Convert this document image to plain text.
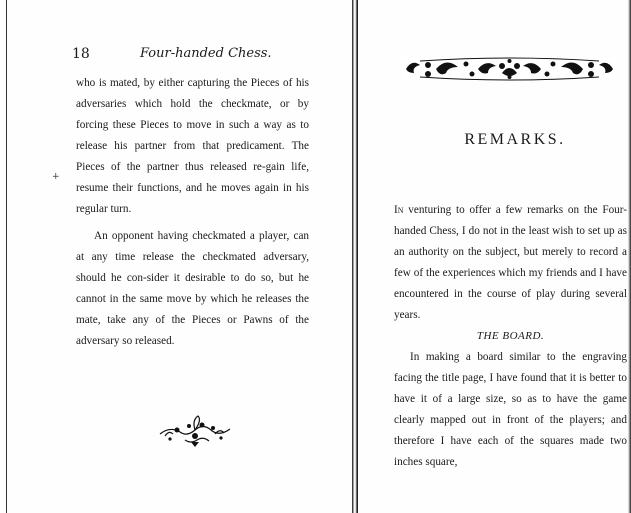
18	Four-handed Chess.
+

who is mated, by either capturing the Pieces of his adversaries which hold the checkmate, or by forcing these Pieces to move in such a way as to release his partner from that predicament. The Pieces of the partner thus released re-gain life, resume their functions, and he moves again in his regular turn.

An opponent having checkmated a player, can at any time release the checkmated adversary, should he con-sider it desirable to do so, but he cannot in the same move by which he releases the mate, take any of the Pieces or Pawns of the adversary so released.

REMARKS.

In venturing to offer a few remarks on the Four-handed Chess, I do not in the least wish to set up as an authority on the subject, but merely to record a few of the experiences which my friends and I have encountered in the course of play during several years.

THE BOARD.

In making a board similar to the engraving facing the title page, I have found that it is better to have it of a large size, so as to have the game clearly mapped out in front of the players; and therefore I have each of the squares made two inches square,
